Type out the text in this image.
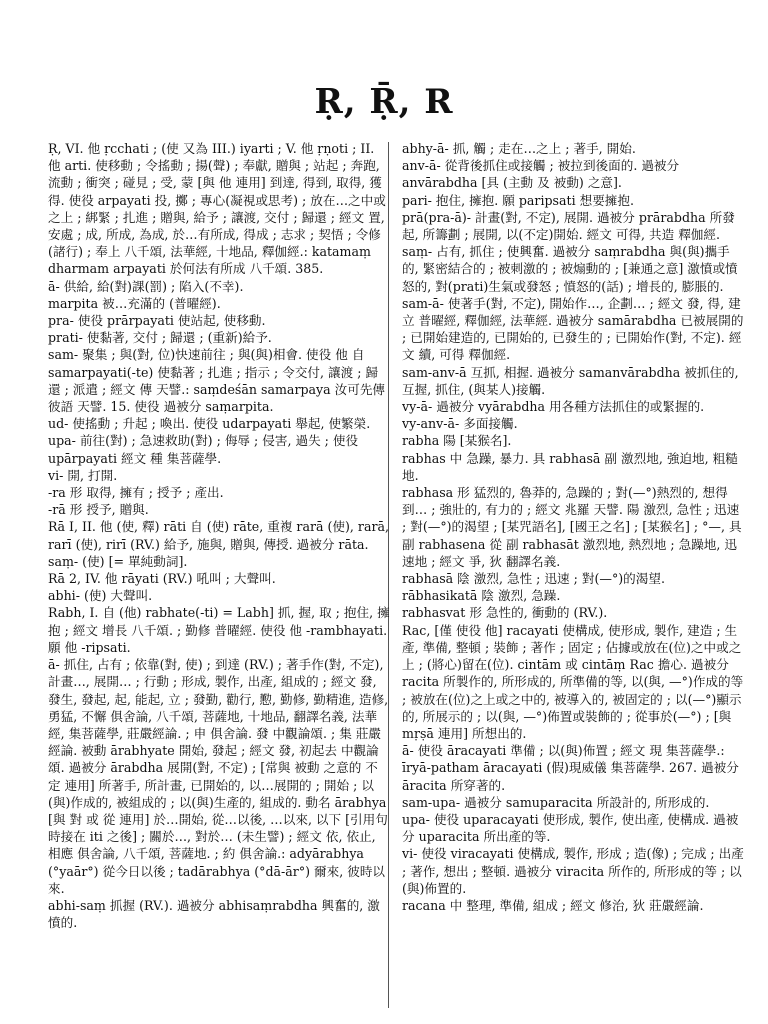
Ṛ, Ṝ, R
Ṛ, VI. 他 ṛcchati ; (使 又為 III.) iyarti ; V. 他 ṛṇoti ; II. 他 arti. 使移動 ; 令搖動 ; 揚(聲) ; 奉獻, 贈與 ; 站起 ; 奔跑, 流動 ; 衝突 ; 碰見 ; 受, 蒙 [與 他 連用] 到達, 得到, 取得, 獲得. 使役 arpayati 投, 擲 ; 專心(凝視或思考) ; 放在…之中或之上 ; 綁緊 ; 扎進 ; 贈與, 給予 ; 讓渡, 交付 ; 歸還 ; 經文 置, 安處 ; 成, 所成, 為成, 於…有所成, 得成 ; 志求 ; 契悟 ; 令修(諸行) ; 奉上 八千頌, 法華經, 十地品, 釋伽經.: katamaṃ dharmam arpayati 於何法有所成 八千頌. 385.
ā- 供給, 給(對)課(罰) ; 陷入(不幸).
marpita 被…充滿的 (普曜經).
pra- 使役 prārpayati 使站起, 使移動.
prati- 使黏著, 交付 ; 歸還 ; (重新)給予.
sam- 聚集 ; 與(對, 位)快速前往 ; 與(與)相會. 使役 他 自 samarpayati(-te) 使黏著 ; 扎進 ; 指示 ; 令交付, 讓渡 ; 歸還 ; 派遣 ; 經文 傳 天譬.: saṃdeśān samarpaya 汝可先傳彼語 天譬. 15. 使役 過被分 saṃarpita.
ud- 使搖動 ; 升起 ; 喚出. 使役 udarpayati 舉起, 使繁榮.
upa- 前往(對) ; 急速救助(對) ; 侮辱 ; 侵害, 過失 ; 使役 upārpayati 經文 種 集菩薩學.
vi- 開, 打開.
-ra 形 取得, 擁有 ; 授予 ; 產出.
-rā 形 授予, 贈與.
Rā I, II. 他 (使, 釋) rāti 自 (使) rāte, 重複 rarā (使), rarā, rarī (使), rirī (RV.) 給予, 施與, 贈與, 傳授. 過被分 rāta.
saṃ- (使) [= 單純動詞].
Rā 2, IV. 他 rāyati (RV.) 吼叫 ; 大聲叫.
abhi- (使) 大聲叫.
Rabh, I. 自 (他) rabhate(-ti) = Labh] 抓, 握, 取 ; 抱住, 擁抱 ; 經文 增長 八千頌. ; 勤修 普曜經. 使役 他 -rambhayati. 願 他 -ripsati.
ā- 抓住, 占有 ; 依靠(對, 使) ; 到達 (RV.) ; 著手作(對, 不定), 計畫…, 展開… ; 行動 ; 形成, 製作, 出產, 組成的 ; 經文 發, 發生, 發起, 起, 能起, 立 ; 發勤, 勸行, 懃, 勤修, 勤精進, 造修, 勇猛, 不懈 俱舍論, 八千頌, 菩薩地, 十地品, 翻譯名義, 法華經, 集菩薩學, 莊嚴經論. ; 申 俱舍論. 發 中觀論頌. ; 集 莊嚴經論. 被動 ārabhyate 開始, 發起 ; 經文 發, 初起去 中觀論頌. 過被分 ārabdha 展開(對, 不定) ; [常與 被動 之意的 不定 連用] 所著手, 所計畫, 已開始的, 以…展開的 ; 開始 ; 以(與)作成的, 被組成的 ; 以(與)生產的, 組成的. 動名 ārabhya [與 對 或 從 連用] 於…開始, 從…以後, …以來, 以下 [引用句時接在 iti 之後] ; 關於…, 對於… (未生譬) ; 經文 依, 依止, 相應 俱舍論, 八千頌, 菩薩地. ; 約 俱舍論.: adyārabhya (°yaār°) 從今日以後 ; tadārabhya (°dā-ār°) 爾來, 彼時以來.
abhi-saṃ 抓握 (RV.). 過被分 abhisaṃrabdha 興奮的, 激憤的.
abhy-ā- 抓, 觸 ; 走在…之上 ; 著手, 開始.
anv-ā- 從背後抓住或接觸 ; 被拉到後面的. 過被分 anvārabdha [具 (主動 及 被動) 之意].
pari- 抱住, 擁抱. 願 paripsati 想要擁抱.
prā(pra-ā)- 計畫(對, 不定), 展開. 過被分 prārabdha 所發起, 所籌劃 ; 展開, 以(不定)開始. 經文 可得, 共造 釋伽經.
saṃ- 占有, 抓住 ; 使興奮. 過被分 saṃrabdha 與(與)攜手的, 緊密結合的 ; 被刺激的 ; 被煽動的 ; [兼通之意] 激憤或憤怒的, 對(prati)生氣或發怒 ; 憤怒的(話) ; 增長的, 膨脹的.
sam-ā- 使著手(對, 不定), 開始作…, 企劃… ; 經文 發, 得, 建立 普曜經, 釋伽經, 法華經. 過被分 samārabdha 已被展開的 ; 已開始建造的, 已開始的, 已發生的 ; 已開始作(對, 不定). 經文 續, 可得 釋伽經.
sam-anv-ā 互抓, 相握. 過被分 samanvārabdha 被抓住的, 互握, 抓住, (與某人)接觸.
vy-ā- 過被分 vyārabdha 用各種方法抓住的或緊握的.
vy-anv-ā- 多面接觸.
rabha 陽 [某猴名].
rabhas 中 急躁, 暴力. 具 rabhasā 副 激烈地, 強迫地, 粗糙地.
rabhasa 形 猛烈的, 魯莽的, 急躁的 ; 對(—°)熱烈的, 想得到… ; 強壯的, 有力的 ; 經文 兆羅 天譬. 陽 激烈, 急性 ; 迅速 ; 對(—°)的渴望 ; [某咒語名], [國王之名] ; [某猴名] ; °—, 具 副 rabhasena 從 副 rabhasāt 激烈地, 熱烈地 ; 急躁地, 迅速地 ; 經文 爭, 狄 翻譯名義.
rabhasā 陰 激烈, 急性 ; 迅速 ; 對(—°)的渴望.
rābhasikatā 陰 激烈, 急躁.
rabhasvat 形 急性的, 衝動的 (RV.).
Rac, [僅 使役 他] racayati 使構成, 使形成, 製作, 建造 ; 生產, 準備, 整頓 ; 裝飾 ; 著作 ; 固定 ; 佔據或放在(位)之中或之上 ; (將心)留在(位). cintām 或 cintāṃ Rac 擔心. 過被分 racita 所製作的, 所形成的, 所準備的等, 以(與, —°)作成的等 ; 被放在(位)之上或之中的, 被導入的, 被固定的 ; 以(—°)顯示的, 所展示的 ; 以(與, —°)佈置或裝飾的 ; 從事於(—°) ; [與 mṛṣā 連用] 所想出的.
ā- 使役 āracayati 準備 ; 以(與)佈置 ; 經文 現 集菩薩學.: īryā-patham āracayati (假)現威儀 集菩薩學. 267. 過被分 āracita 所穿著的.
sam-upa- 過被分 samuparacita 所設計的, 所形成的.
upa- 使役 uparacayati 使形成, 製作, 使出產, 使構成. 過被分 uparacita 所出產的等.
vi- 使役 viracayati 使構成, 製作, 形成 ; 造(像) ; 完成 ; 出產 ; 著作, 想出 ; 整頓. 過被分 viracita 所作的, 所形成的等 ; 以(與)佈置的.
racana 中 整理, 準備, 組成 ; 經文 修治, 狄 莊嚴經論.
